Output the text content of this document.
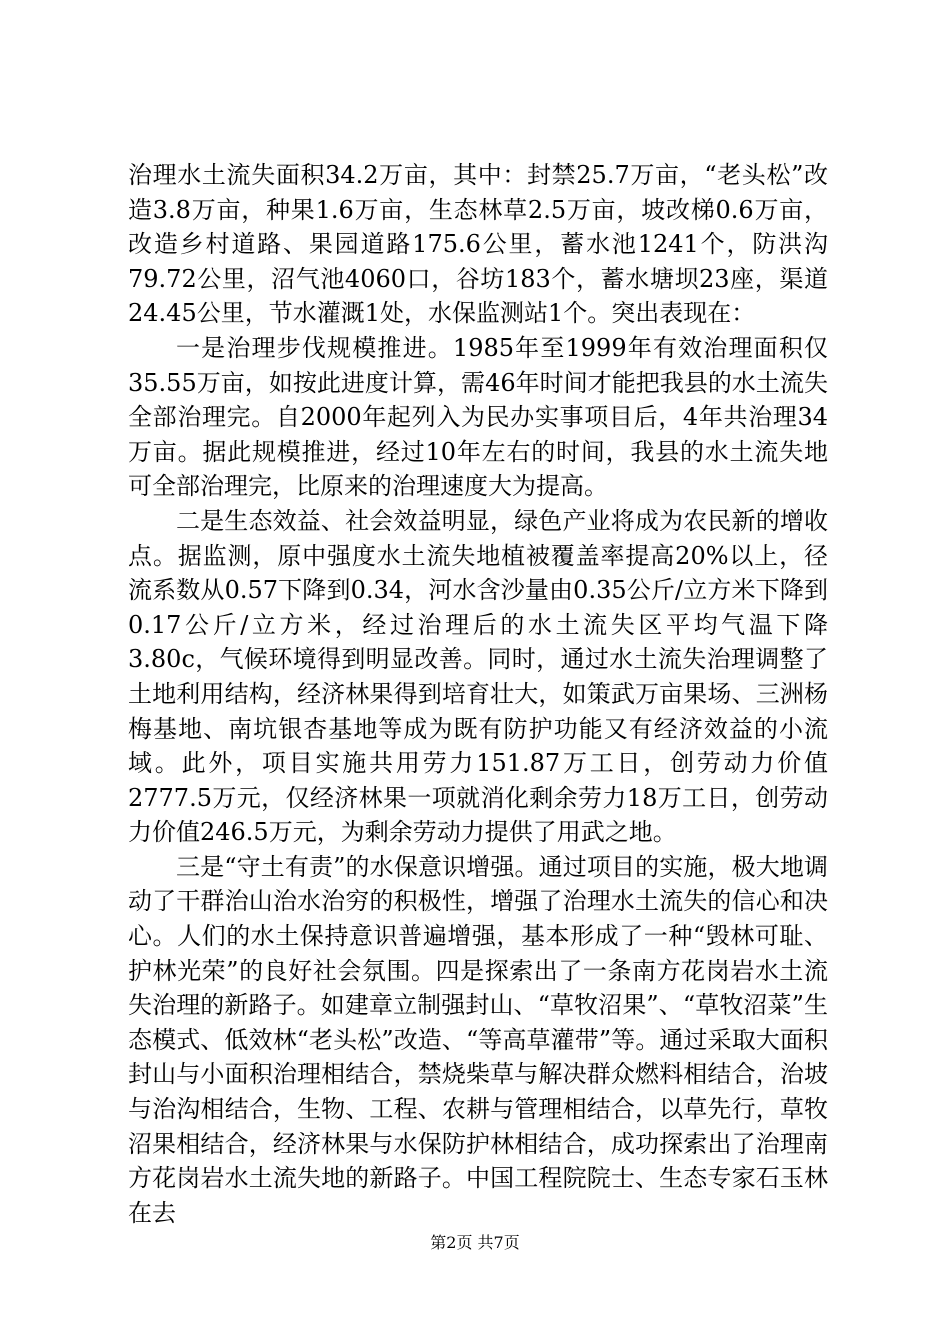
治理水土流失面积34.2万亩，其中：封禁25.7万亩，“老头松”改造3.8万亩，种果1.6万亩，生态林草2.5万亩，坡改梯0.6万亩，改造乡村道路、果园道路175.6公里，蓄水池1241个，防洪沟79.72公里，沼气池4060口，谷坊183个，蓄水塘坝23座，渠道24.45公里，节水灌溉1处，水保监测站1个。突出表现在：

一是治理步伐规模推进。1985年至1999年有效治理面积仅35.55万亩，如按此进度计算，需46年时间才能把我县的水土流失全部治理完。自2000年起列入为民办实事项目后，4年共治理34万亩。据此规模推进，经过10年左右的时间，我县的水土流失地可全部治理完，比原来的治理速度大为提高。

二是生态效益、社会效益明显，绿色产业将成为农民新的增收点。据监测，原中强度水土流失地植被覆盖率提高20%以上，径流系数从0.57下降到0.34，河水含沙量由0.35公斤/立方米下降到0.17公斤/立方米，经过治理后的水土流失区平均气温下降3.80c，气候环境得到明显改善。同时，通过水土流失治理调整了土地利用结构，经济林果得到培育壮大，如策武万亩果场、三洲杨梅基地、南坑银杏基地等成为既有防护功能又有经济效益的小流域。此外，项目实施共用劳力151.87万工日，创劳动力价值2777.5万元，仅经济林果一项就消化剩余劳力18万工日，创劳动力价值246.5万元，为剩余劳动力提供了用武之地。

三是“守土有责”的水保意识增强。通过项目的实施，极大地调动了干群治山治水治穷的积极性，增强了治理水土流失的信心和决心。人们的水土保持意识普遍增强，基本形成了一种“毁林可耻、护林光荣”的良好社会氛围。四是探索出了一条南方花岗岩水土流失治理的新路子。如建章立制强封山、“草牧沼果”、“草牧沼菜”生态模式、低效林“老头松”改造、“等高草灌带”等。通过采取大面积封山与小面积治理相结合，禁烧柴草与解决群众燃料相结合，治坡与治沟相结合，生物、工程、农耕与管理相结合，以草先行，草牧沼果相结合，经济林果与水保防护林相结合，成功探索出了治理南方花岗岩水土流失地的新路子。中国工程院院士、生态专家石玉林在去

第2页 共7页
